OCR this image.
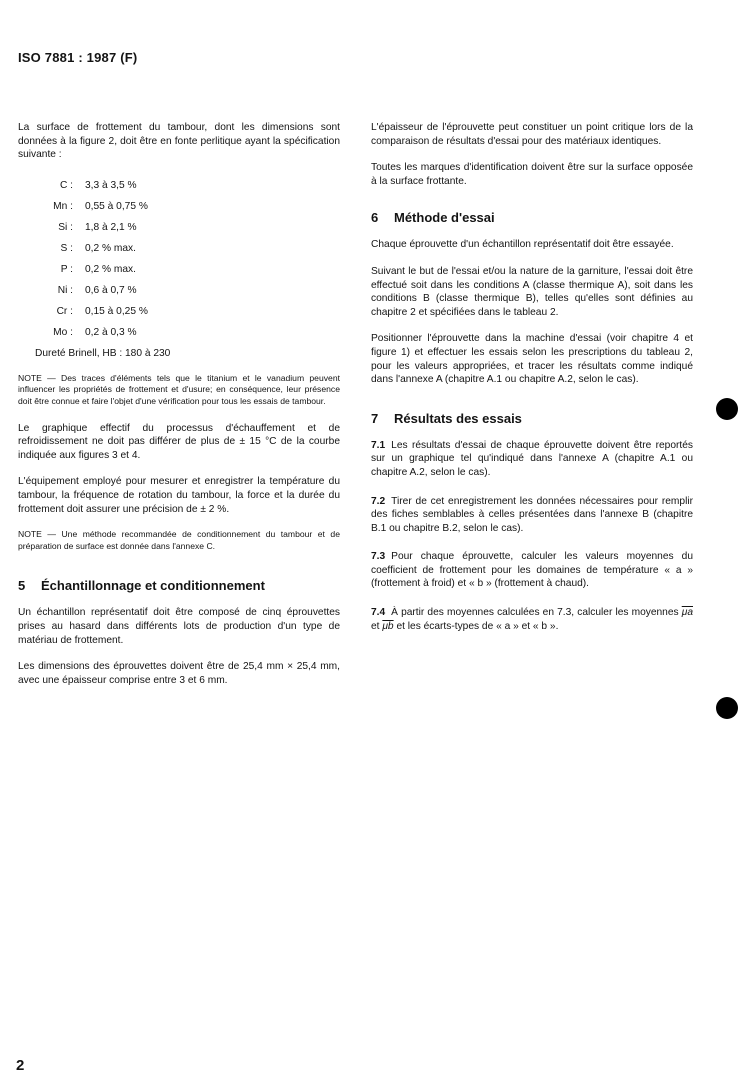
ISO 7881 : 1987 (F)

La surface de frottement du tambour, dont les dimensions sont données à la figure 2, doit être en fonte perlitique ayant la spécification suivante :

C :	3,3 à 3,5 %
Mn :	0,55 à 0,75 %
Si :	1,8 à 2,1 %
S :	0,2 % max.
P :	0,2 % max.
Ni :	0,6 à 0,7 %
Cr :	0,15 à 0,25 %
Mo :	0,2 à 0,3 %
Dureté Brinell, HB : 180 à 230

NOTE — Des traces d'éléments tels que le titanium et le vanadium peuvent influencer les propriétés de frottement et d'usure; en conséquence, leur présence doit être connue et faire l'objet d'une vérification pour tous les essais de tambour.

Le graphique effectif du processus d'échauffement et de refroidissement ne doit pas différer de plus de ± 15 °C de la courbe indiquée aux figures 3 et 4.

L'équipement employé pour mesurer et enregistrer la température du tambour, la fréquence de rotation du tambour, la force et la durée du frottement doit assurer une précision de ± 2 %.

NOTE — Une méthode recommandée de conditionnement du tambour et de préparation de surface est donnée dans l'annexe C.

5	Échantillonnage et conditionnement

Un échantillon représentatif doit être composé de cinq éprouvettes prises au hasard dans différents lots de production d'un type de matériau de frottement.

Les dimensions des éprouvettes doivent être de 25,4 mm × 25,4 mm, avec une épaisseur comprise entre 3 et 6 mm.

L'épaisseur de l'éprouvette peut constituer un point critique lors de la comparaison de résultats d'essai pour des matériaux identiques.

Toutes les marques d'identification doivent être sur la surface opposée à la surface frottante.

6	Méthode d'essai

Chaque éprouvette d'un échantillon représentatif doit être essayée.

Suivant le but de l'essai et/ou la nature de la garniture, l'essai doit être effectué soit dans les conditions A (classe thermique A), soit dans les conditions B (classe thermique B), telles qu'elles sont définies au chapitre 2 et spécifiées dans le tableau 2.

Positionner l'éprouvette dans la machine d'essai (voir chapitre 4 et figure 1) et effectuer les essais selon les prescriptions du tableau 2, pour les valeurs appropriées, et tracer les résultats comme indiqué dans l'annexe A (chapitre A.1 ou chapitre A.2, selon le cas).

7	Résultats des essais

7.1 Les résultats d'essai de chaque éprouvette doivent être reportés sur un graphique tel qu'indiqué dans l'annexe A (chapitre A.1 ou chapitre A.2, selon le cas).

7.2 Tirer de cet enregistrement les données nécessaires pour remplir des fiches semblables à celles présentées dans l'annexe B (chapitre B.1 ou chapitre B.2, selon le cas).

7.3 Pour chaque éprouvette, calculer les valeurs moyennes du coefficient de frottement pour les domaines de température « a » (frottement à froid) et « b » (frottement à chaud).

7.4 À partir des moyennes calculées en 7.3, calculer les moyennes $\overline{\mu a}$ et $\overline{\mu b}$ et les écarts-types de « a » et « b ».

2
